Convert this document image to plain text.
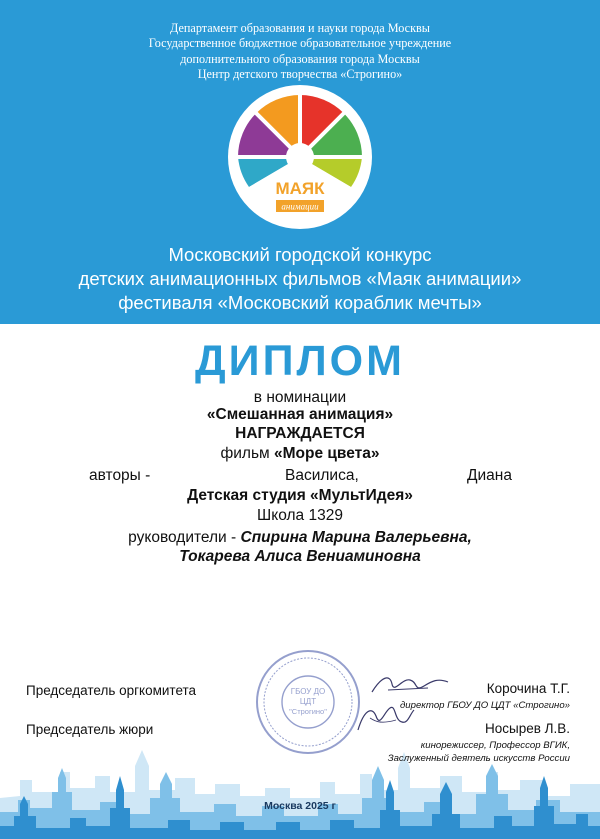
Департамент образования и науки города Москвы
Государственное бюджетное образовательное учреждение
дополнительного образования города Москвы
Центр детского творчества «Строгино»
МАЯК
анимации
Московский городской конкурс
детских анимационных фильмов «Маяк анимации»
фестиваля «Московский кораблик мечты»
ДИПЛОМ
в номинации
«Смешанная анимация»
НАГРАЖДАЕТСЯ
фильм «Море цвета»
авторы -	Василиса,	Диана
Детская студия «МультИдея»
Школа 1329
руководители - Спирина Марина Валерьевна,
Токарева Алиса Вениаминовна
ГБОУ ДО
ЦДТ
"Строгино"
Председатель оргкомитета	Корочина Т.Г.
директор ГБОУ ДО ЦДТ «Строгино»
Председатель жюри	Носырев Л.В.
кинорежиссер, Профессор ВГИК,
Заслуженный деятель искусств России
Москва 2025 г
